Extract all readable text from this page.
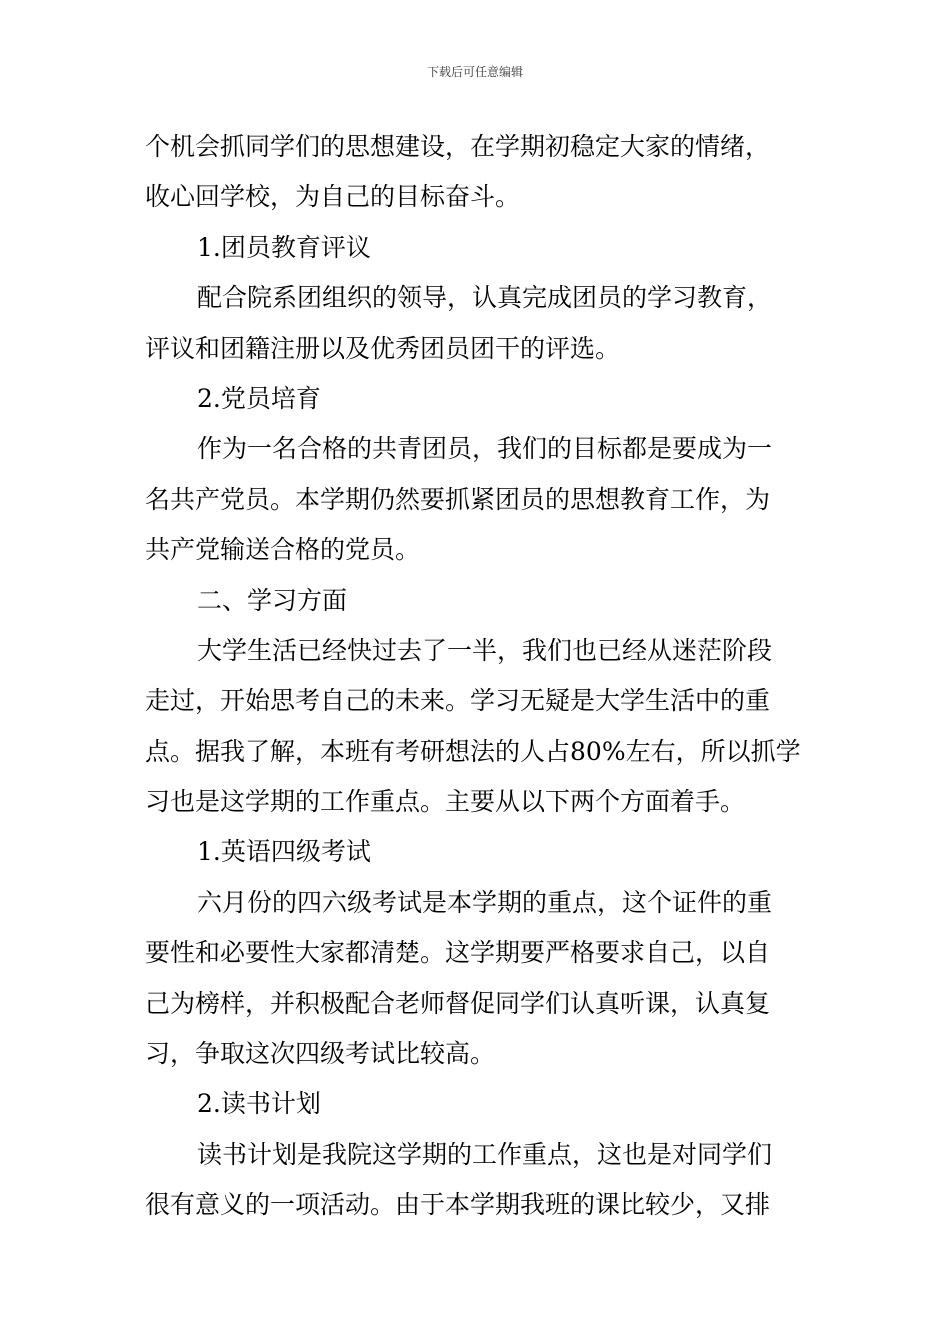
下载后可任意编辑
个机会抓同学们的思想建设，在学期初稳定大家的情绪，
收心回学校，为自己的目标奋斗。
1.团员教育评议
配合院系团组织的领导，认真完成团员的学习教育，
评议和团籍注册以及优秀团员团干的评选。
2.党员培育
作为一名合格的共青团员，我们的目标都是要成为一
名共产党员。本学期仍然要抓紧团员的思想教育工作，为
共产党输送合格的党员。
二、学习方面
大学生活已经快过去了一半，我们也已经从迷茫阶段
走过，开始思考自己的未来。学习无疑是大学生活中的重
点。据我了解，本班有考研想法的人占80%左右，所以抓学
习也是这学期的工作重点。主要从以下两个方面着手。
1.英语四级考试
六月份的四六级考试是本学期的重点，这个证件的重
要性和必要性大家都清楚。这学期要严格要求自己，以自
己为榜样，并积极配合老师督促同学们认真听课，认真复
习，争取这次四级考试比较高。
2.读书计划
读书计划是我院这学期的工作重点，这也是对同学们
很有意义的一项活动。由于本学期我班的课比较少，又排
